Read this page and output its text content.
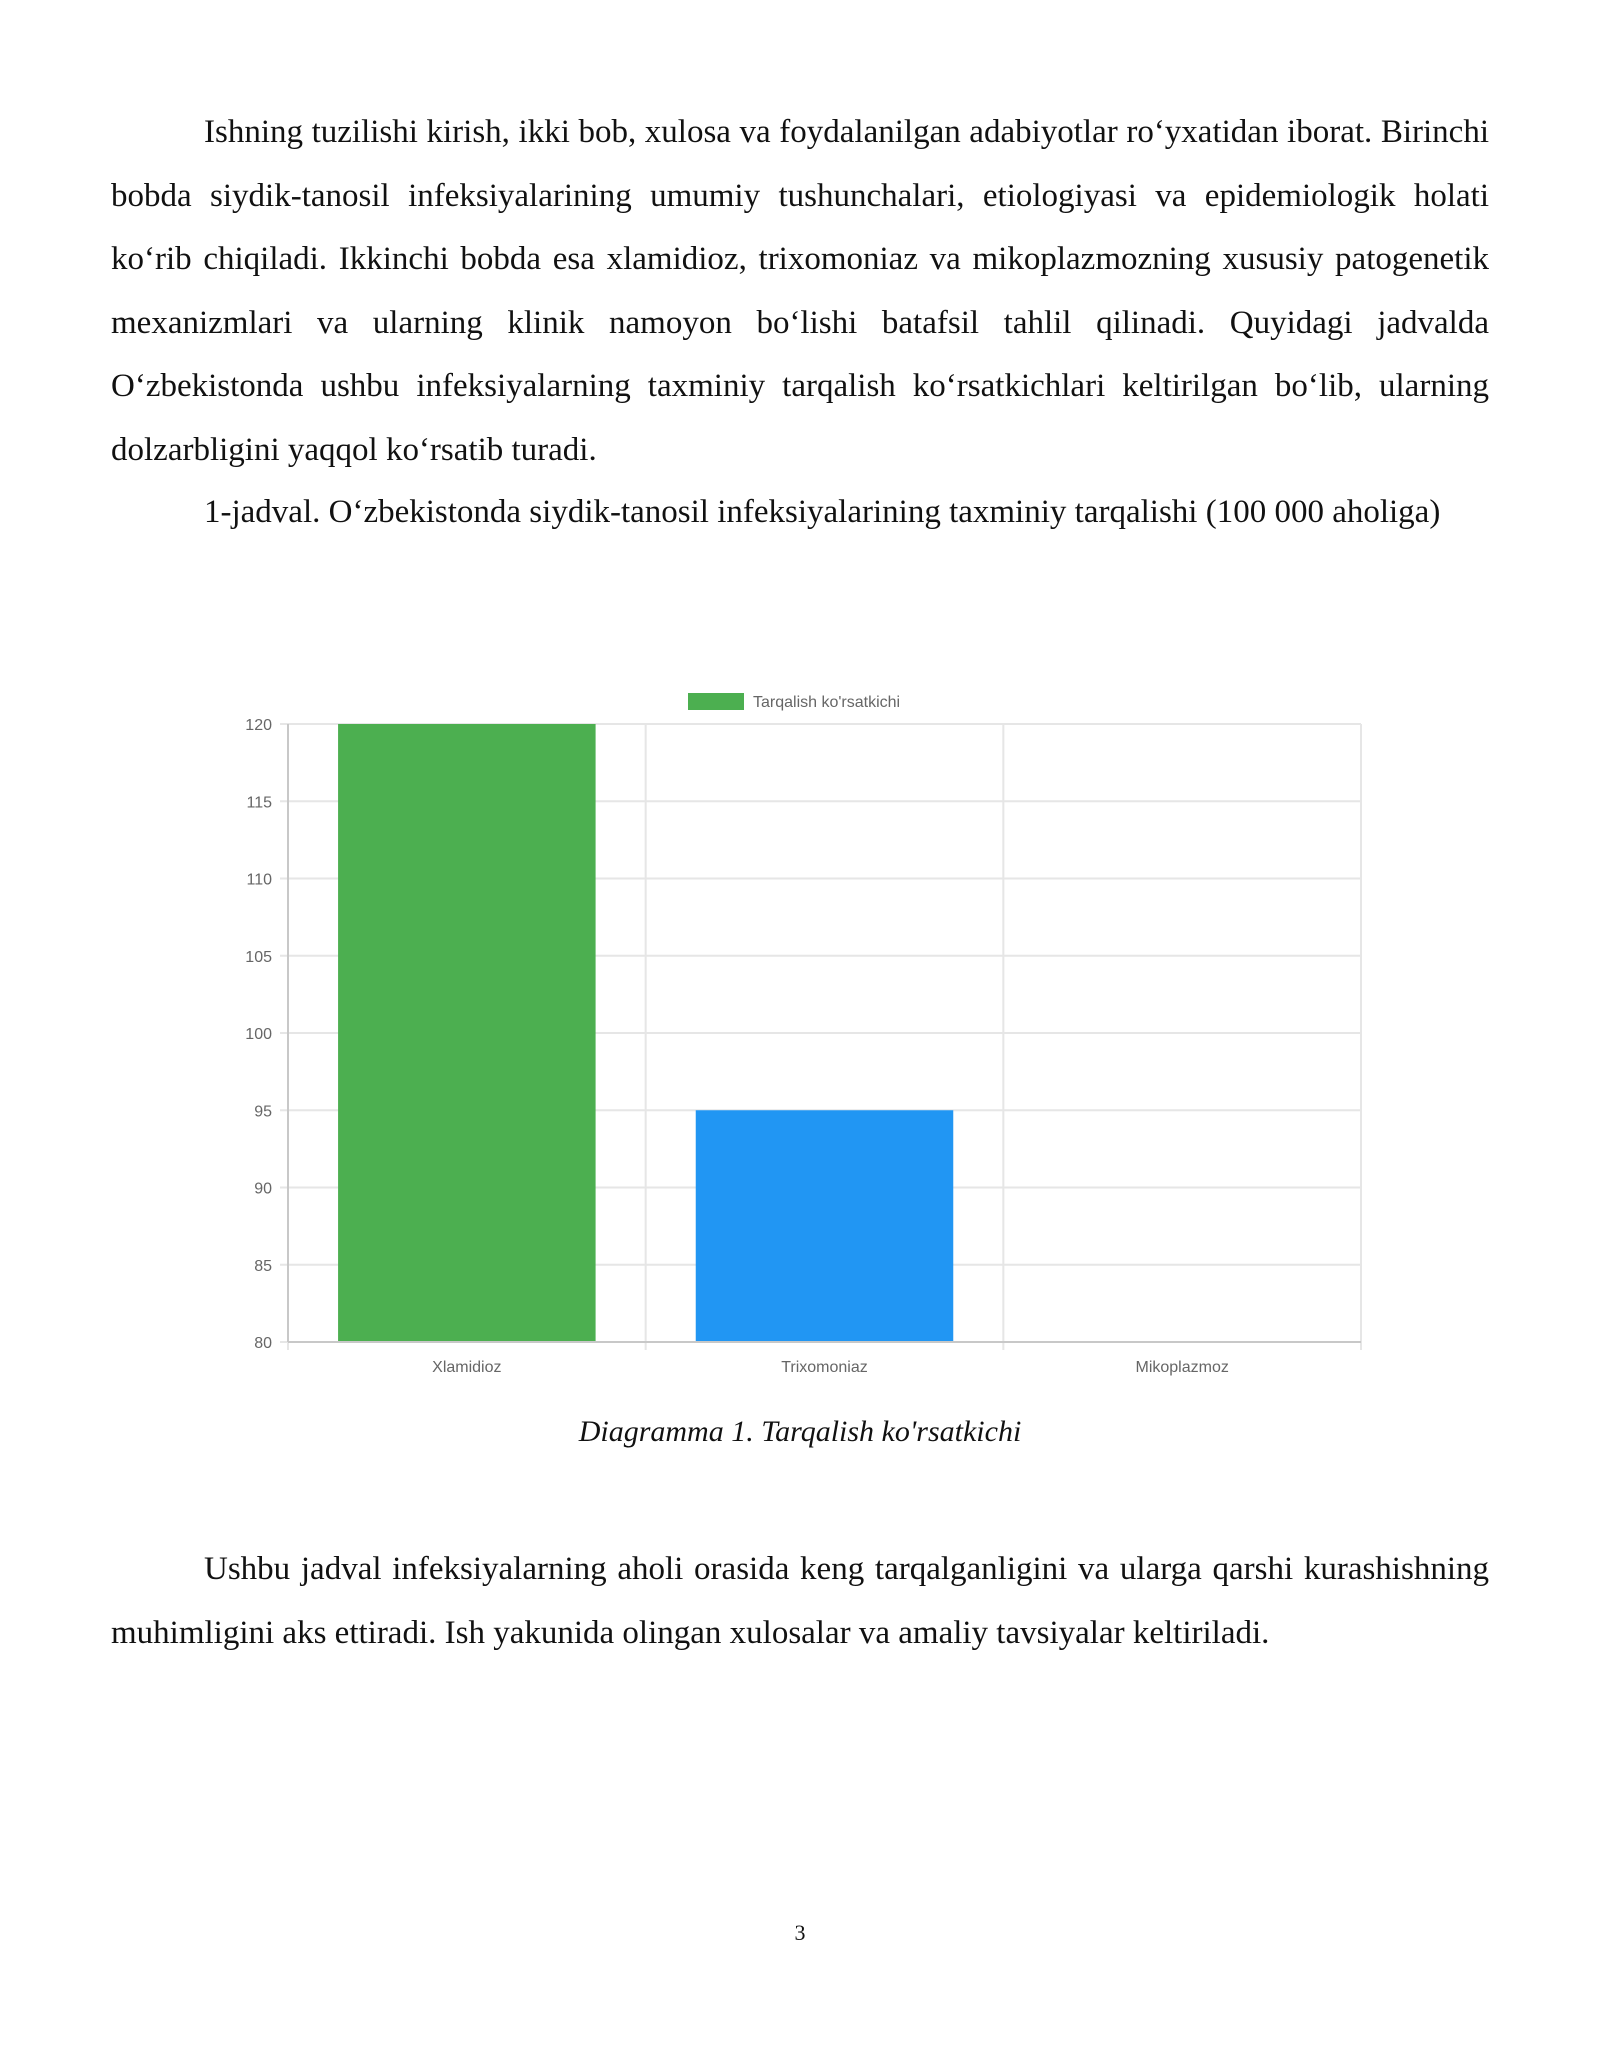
Ishning tuzilishi kirish, ikki bob, xulosa va foydalanilgan adabiyotlar ro‘yxatidan iborat. Birinchi bobda siydik-tanosil infeksiyalarining umumiy tushunchalari, etiologiyasi va epidemiologik holati ko‘rib chiqiladi. Ikkinchi bobda esa xlamidioz, trixomoniaz va mikoplazmozning xususiy patogenetik mexanizmlari va ularning klinik namoyon bo‘lishi batafsil tahlil qilinadi. Quyidagi jadvalda O‘zbekistonda ushbu infeksiyalarning taxminiy tarqalish ko‘rsatkichlari keltirilgan bo‘lib, ularning dolzarbligini yaqqol ko‘rsatib turadi.

1-jadval. O‘zbekistonda siydik-tanosil infeksiyalarining taxminiy tarqalishi (100 000 aholiga)

80
85
90
95
100
105
110
115
120
Xlamidioz	Trixomoniaz	Mikoplazmoz
Tarqalish ko'rsatkichi

Diagramma 1. Tarqalish ko'rsatkichi

Ushbu jadval infeksiyalarning aholi orasida keng tarqalganligini va ularga qarshi kurashishning muhimligini aks ettiradi. Ish yakunida olingan xulosalar va amaliy tavsiyalar keltiriladi.

3
